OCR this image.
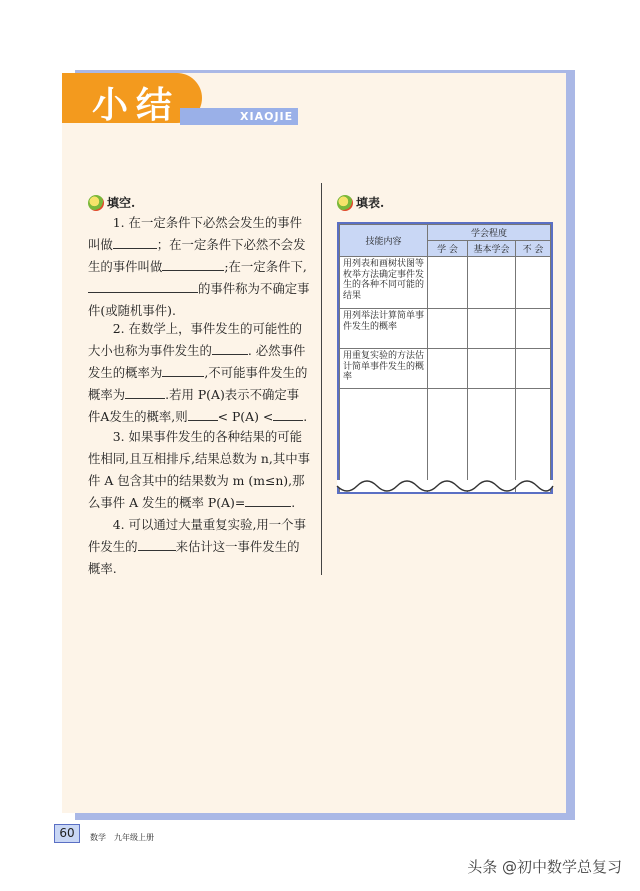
小结	XIAOJIE
填空.

1. 在一定条件下必然会发生的事件叫做	；在一定条件下必然不会发生的事件叫做	;在一定条件下,的事件称为不确定事件(或随机事件).

2. 在数学上，事件发生的可能性的大小也称为事件发生的	. 必然事件发生的概率为	,不可能事件发生的概率为	.若用 P(A)表示不确定事件A发生的概率,则 < P(A) < .

3. 如果事件发生的各种结果的可能性相同,且互相排斥,结果总数为 n,其中事件 A 包含其中的结果数为 m (m≤n),那么事件 A 发生的概率 P(A)=	.

4. 可以通过大量重复实验,用一个事件发生的	来估计这一事件发生的概率.

填表.
技能内容	学会程度		
	学 会	基本学会	不 会
用列表和画树状图等枚举方法确定事件发生的各种不同可能的结果			
用列举法计算简单事件发生的概率			
用重复实验的方法估计简单事件发生的概率			

60	数学　九年级上册
头条 @初中数学总复习
